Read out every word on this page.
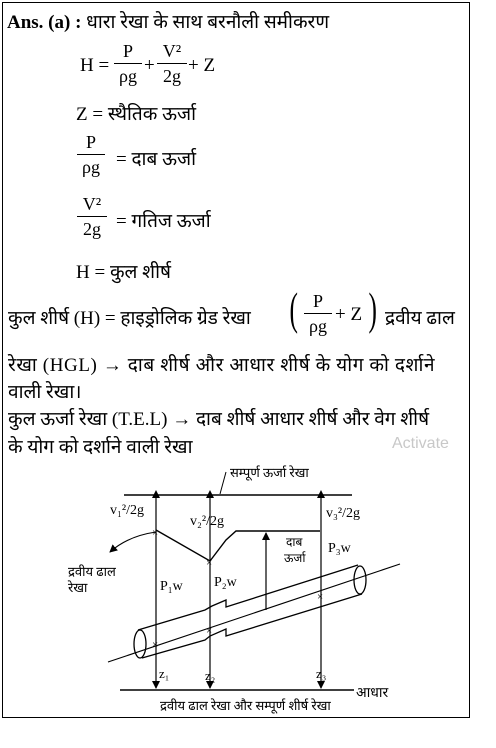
Ans. (a) : धारा रेखा के साथ बरनौली समीकरण
H =
P
ρg +
V²
2g + Z
Z = स्थैतिक ऊर्जा
P
ρg = दाब ऊर्जा
V²
2g = गतिज ऊर्जा
H = कुल शीर्ष
कुल शीर्ष (H) = हाइड्रोलिक ग्रेड रेखा ( P
ρg
+ Z ) द्रवीय ढाल
रेखा (HGL) → दाब शीर्ष और आधार शीर्ष के योग को दर्शाने
वाली रेखा।
कुल ऊर्जा रेखा (T.E.L) → दाब शीर्ष आधार शीर्ष और वेग शीर्ष
के योग को दर्शाने वाली रेखा	Activate
सम्पूर्ण ऊर्जा रेखा
आधार
द्रवीय ढाल रेखा और सम्पूर्ण शीर्ष रेखा
×
×
×
×
×
द्रवीय ढाल
रेखा
v₁²/2g
v₂²/2g
v₃²/2g
दाब
ऊर्जा
P₁w P₂w
P₃w
z₁	z₂	z₃
